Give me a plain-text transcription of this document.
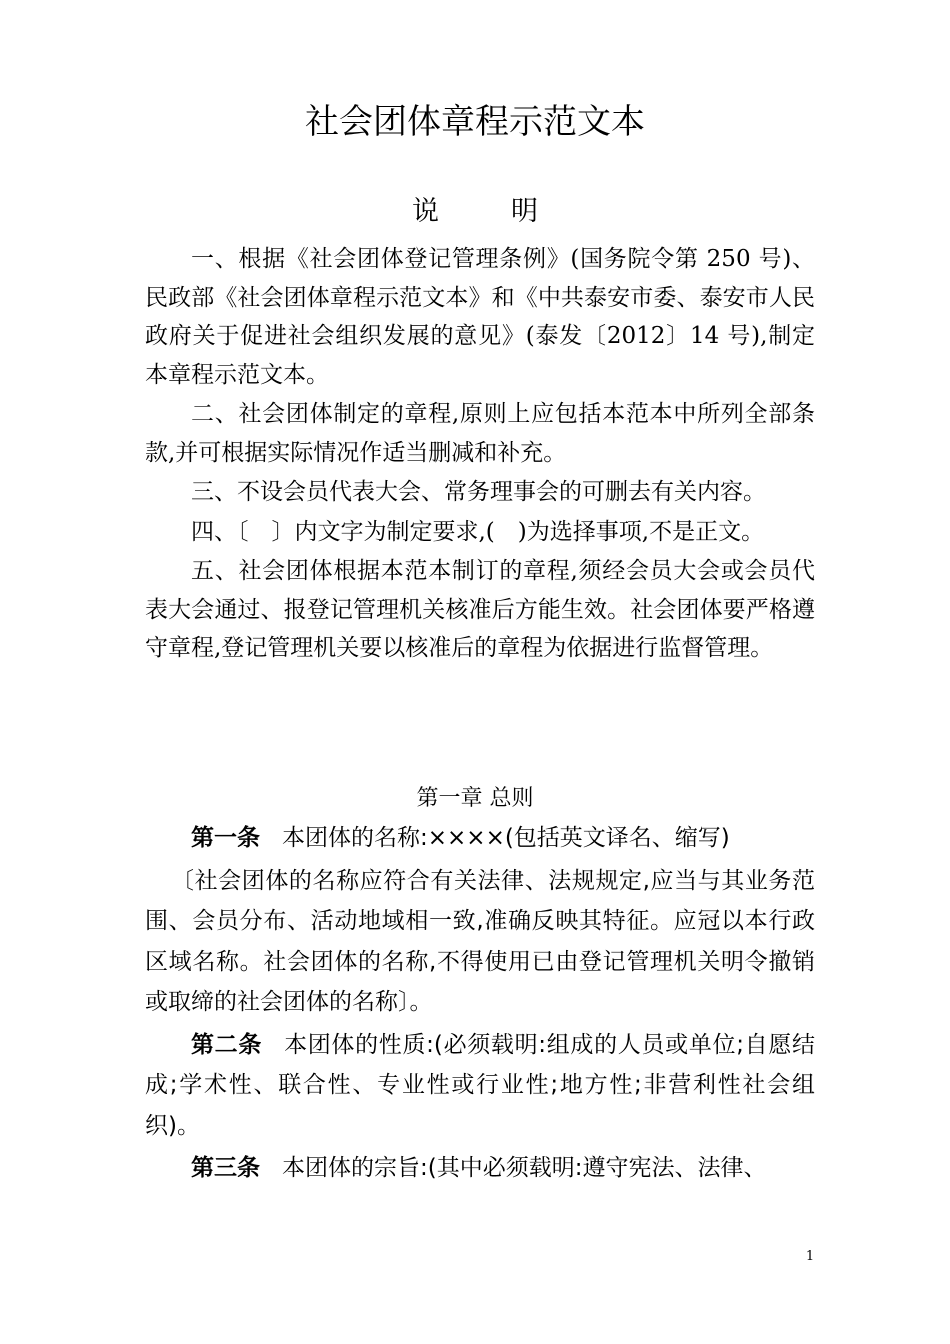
社会团体章程示范文本
说	明

一、根据《社会团体登记管理条例》(国务院令第 250 号)、民政部《社会团体章程示范文本》和《中共泰安市委、泰安市人民政府关于促进社会组织发展的意见》(泰发〔2012〕14 号),制定本章程示范文本。

二、社会团体制定的章程,原则上应包括本范本中所列全部条款,并可根据实际情况作适当删减和补充。

三、不设会员代表大会、常务理事会的可删去有关内容。

四、〔　〕内文字为制定要求,(　)为选择事项,不是正文。

五、社会团体根据本范本制订的章程,须经会员大会或会员代表大会通过、报登记管理机关核准后方能生效。社会团体要严格遵守章程,登记管理机关要以核准后的章程为依据进行监督管理。

第一章 总则

第一条 本团体的名称:××××(包括英文译名、缩写)

〔社会团体的名称应符合有关法律、法规规定,应当与其业务范围、会员分布、活动地域相一致,准确反映其特征。应冠以本行政区域名称。社会团体的名称,不得使用已由登记管理机关明令撤销或取缔的社会团体的名称〕。

第二条 本团体的性质:(必须载明:组成的人员或单位;自愿结成;学术性、联合性、专业性或行业性;地方性;非营利性社会组织)。

第三条 本团体的宗旨:(其中必须载明:遵守宪法、法律、

1
